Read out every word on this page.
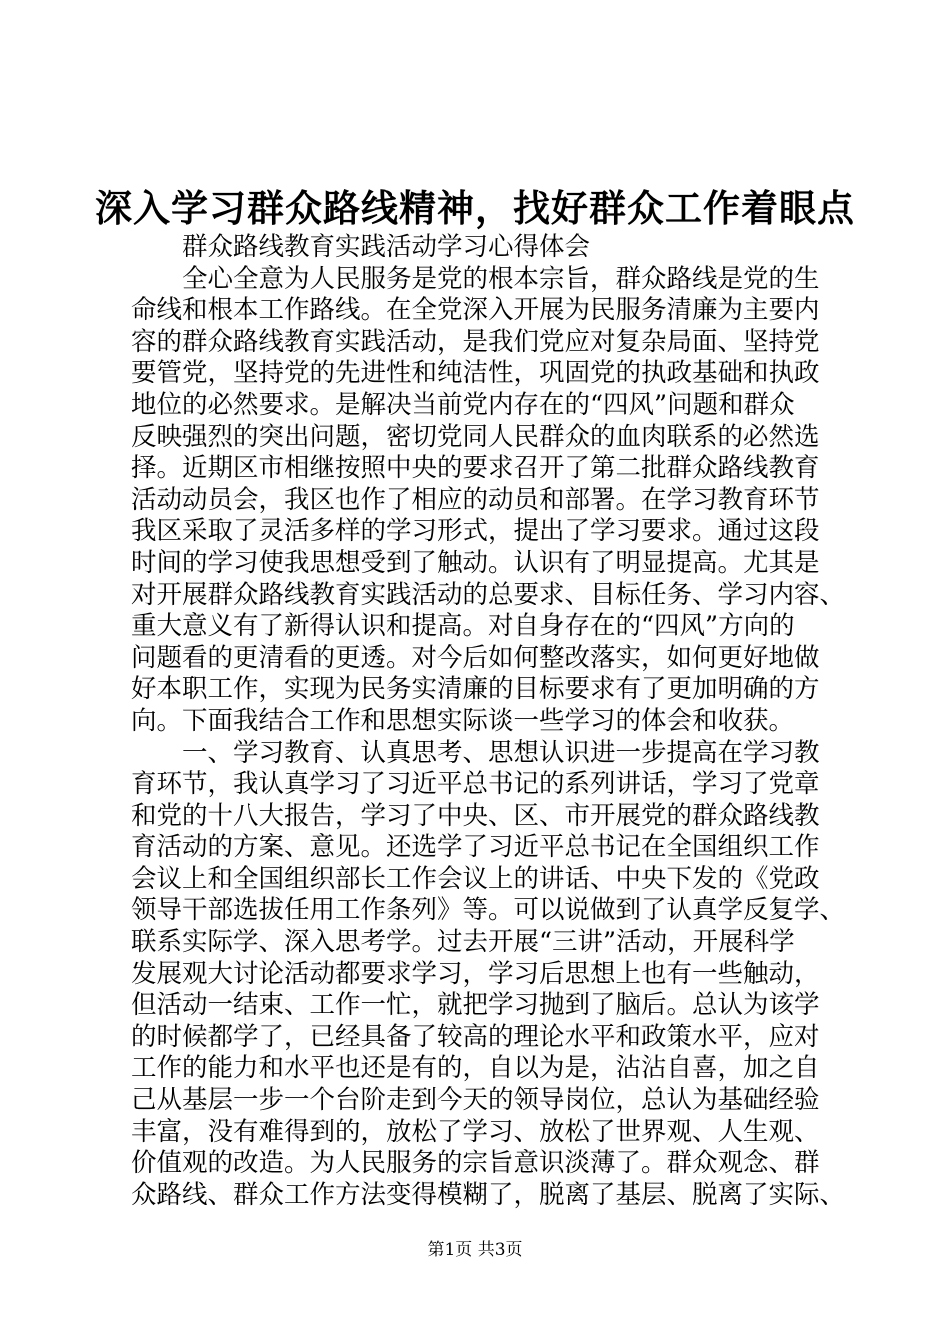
深入学习群众路线精神，找好群众工作着眼点
　　群众路线教育实践活动学习心得体会
　　全心全意为人民服务是党的根本宗旨，群众路线是党的生
命线和根本工作路线。在全党深入开展为民服务清廉为主要内
容的群众路线教育实践活动，是我们党应对复杂局面、坚持党
要管党，坚持党的先进性和纯洁性，巩固党的执政基础和执政
地位的必然要求。是解决当前党内存在的“四风”问题和群众
反映强烈的突出问题，密切党同人民群众的血肉联系的必然选
择。近期区市相继按照中央的要求召开了第二批群众路线教育
活动动员会，我区也作了相应的动员和部署。在学习教育环节
我区采取了灵活多样的学习形式，提出了学习要求。通过这段
时间的学习使我思想受到了触动。认识有了明显提高。尤其是
对开展群众路线教育实践活动的总要求、目标任务、学习内容、
重大意义有了新得认识和提高。对自身存在的“四风”方向的
问题看的更清看的更透。对今后如何整改落实，如何更好地做
好本职工作，实现为民务实清廉的目标要求有了更加明确的方
向。下面我结合工作和思想实际谈一些学习的体会和收获。
　　一、学习教育、认真思考、思想认识进一步提高在学习教
育环节，我认真学习了习近平总书记的系列讲话，学习了党章
和党的十八大报告，学习了中央、区、市开展党的群众路线教
育活动的方案、意见。还选学了习近平总书记在全国组织工作
会议上和全国组织部长工作会议上的讲话、中央下发的《党政
领导干部选拔任用工作条列》等。可以说做到了认真学反复学、
联系实际学、深入思考学。过去开展“三讲”活动，开展科学
发展观大讨论活动都要求学习，学习后思想上也有一些触动，
但活动一结束、工作一忙，就把学习抛到了脑后。总认为该学
的时候都学了，已经具备了较高的理论水平和政策水平，应对
工作的能力和水平也还是有的，自以为是，沾沾自喜，加之自
己从基层一步一个台阶走到今天的领导岗位，总认为基础经验
丰富，没有难得到的，放松了学习、放松了世界观、人生观、
价值观的改造。为人民服务的宗旨意识淡薄了。群众观念、群
众路线、群众工作方法变得模糊了，脱离了基层、脱离了实际、
第1页 共3页
